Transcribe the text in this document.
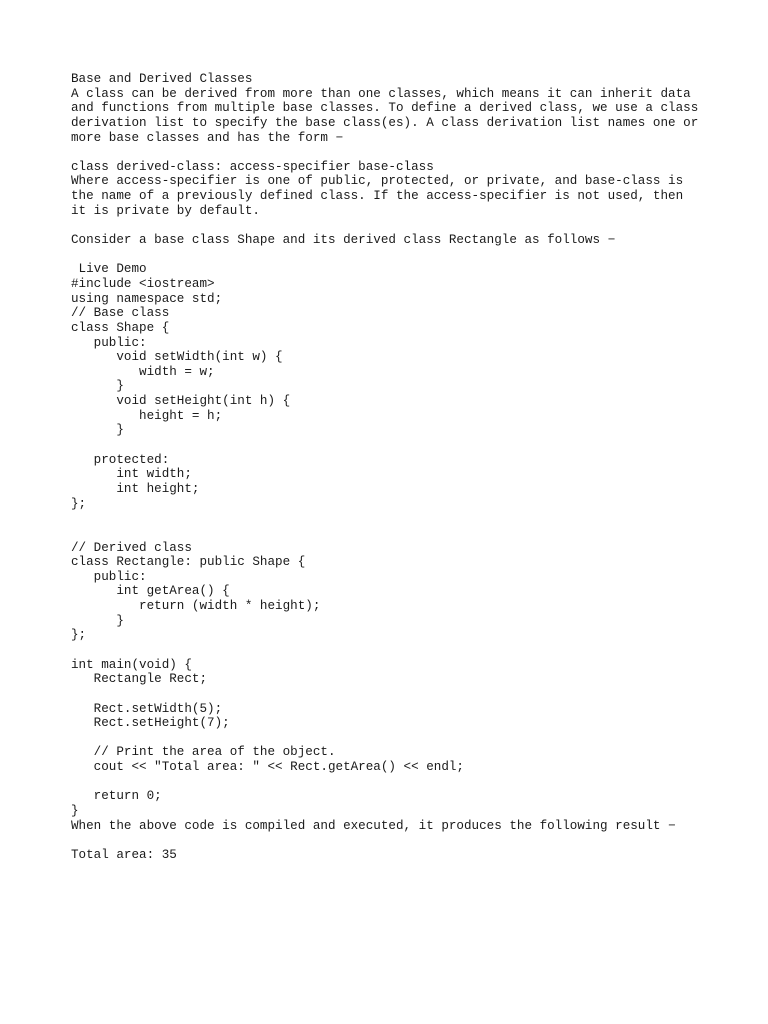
Base and Derived Classes
A class can be derived from more than one classes, which means it can inherit data
and functions from multiple base classes. To define a derived class, we use a class
derivation list to specify the base class(es). A class derivation list names one or
more base classes and has the form −
class derived-class: access-specifier base-class
Where access-specifier is one of public, protected, or private, and base-class is
the name of a previously defined class. If the access-specifier is not used, then
it is private by default.
Consider a base class Shape and its derived class Rectangle as follows −
Live Demo
#include <iostream>
using namespace std;
// Base class
class Shape {
public:
void setWidth(int w) {
width = w;
}
void setHeight(int h) {
height = h;
}
protected:
int width;
int height;
};
// Derived class
class Rectangle: public Shape {
public:
int getArea() {
return (width * height);
}
};
int main(void) {
Rectangle Rect;
Rect.setWidth(5);
Rect.setHeight(7);
// Print the area of the object.
cout << "Total area: " << Rect.getArea() << endl;
return 0;
}
When the above code is compiled and executed, it produces the following result −
Total area: 35
